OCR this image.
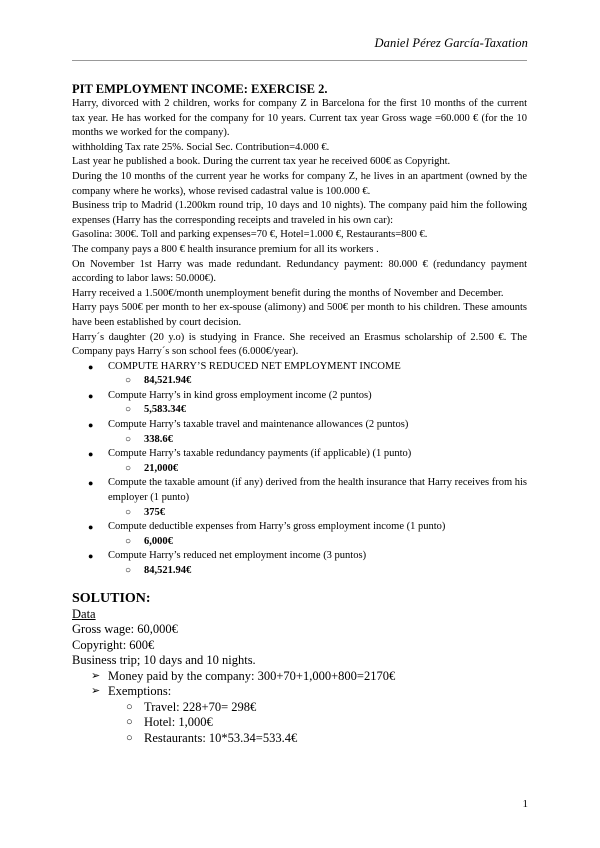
Daniel Pérez García-Taxation
PIT EMPLOYMENT INCOME: EXERCISE 2.

Harry, divorced with 2 children, works for company Z in Barcelona for the first 10 months of the current tax year. He has worked for the company for 10 years. Current tax year Gross wage =60.000 € (for the 10 months we worked for the company).

withholding Tax rate 25%. Social Sec. Contribution=4.000 €.

Last year he published a book. During the current tax year he received 600€ as Copyright.

During the 10 months of the current year he works for company Z, he lives in an apartment (owned by the company where he works), whose revised cadastral value is 100.000 €.

Business trip to Madrid (1.200km round trip, 10 days and 10 nights). The company paid him the following expenses (Harry has the corresponding receipts and traveled in his own car):

Gasolina: 300€. Toll and parking expenses=70 €, Hotel=1.000 €, Restaurants=800 €.

The company pays a 800 € health insurance premium for all its workers .

On November 1st Harry was made redundant. Redundancy payment: 80.000 € (redundancy payment according to labor laws: 50.000€).

Harry received a 1.500€/month unemployment benefit during the months of November and December.

Harry pays 500€ per month to her ex-spouse (alimony) and 500€ per month to his children. These amounts have been established by court decision.

Harry´s daughter (20 y.o) is studying in France. She received an Erasmus scholarship of 2.500 €. The Company pays Harry´s son school fees (6.000€/year).

● COMPUTE HARRY’S REDUCED NET EMPLOYMENT INCOME

○ 84,521.94€

● Compute Harry’s in kind gross employment income (2 puntos)

○ 5,583.34€

● Compute Harry’s taxable travel and maintenance allowances (2 puntos)

○ 338.6€

● Compute Harry’s taxable redundancy payments (if applicable) (1 punto)

○ 21,000€

● Compute the taxable amount (if any) derived from the health insurance that Harry receives from his employer (1 punto)

○ 375€

● Compute deductible expenses from Harry’s gross employment income (1 punto)

○ 6,000€

● Compute Harry’s reduced net employment income (3 puntos)

○ 84,521.94€

SOLUTION:
Data

Gross wage: 60,000€

Copyright: 600€

Business trip; 10 days and 10 nights.

➢ Money paid by the company: 300+70+1,000+800=2170€

➢ Exemptions:

○ Travel: 228+70= 298€

○ Hotel: 1,000€

○ Restaurants: 10*53.34=533.4€

1
